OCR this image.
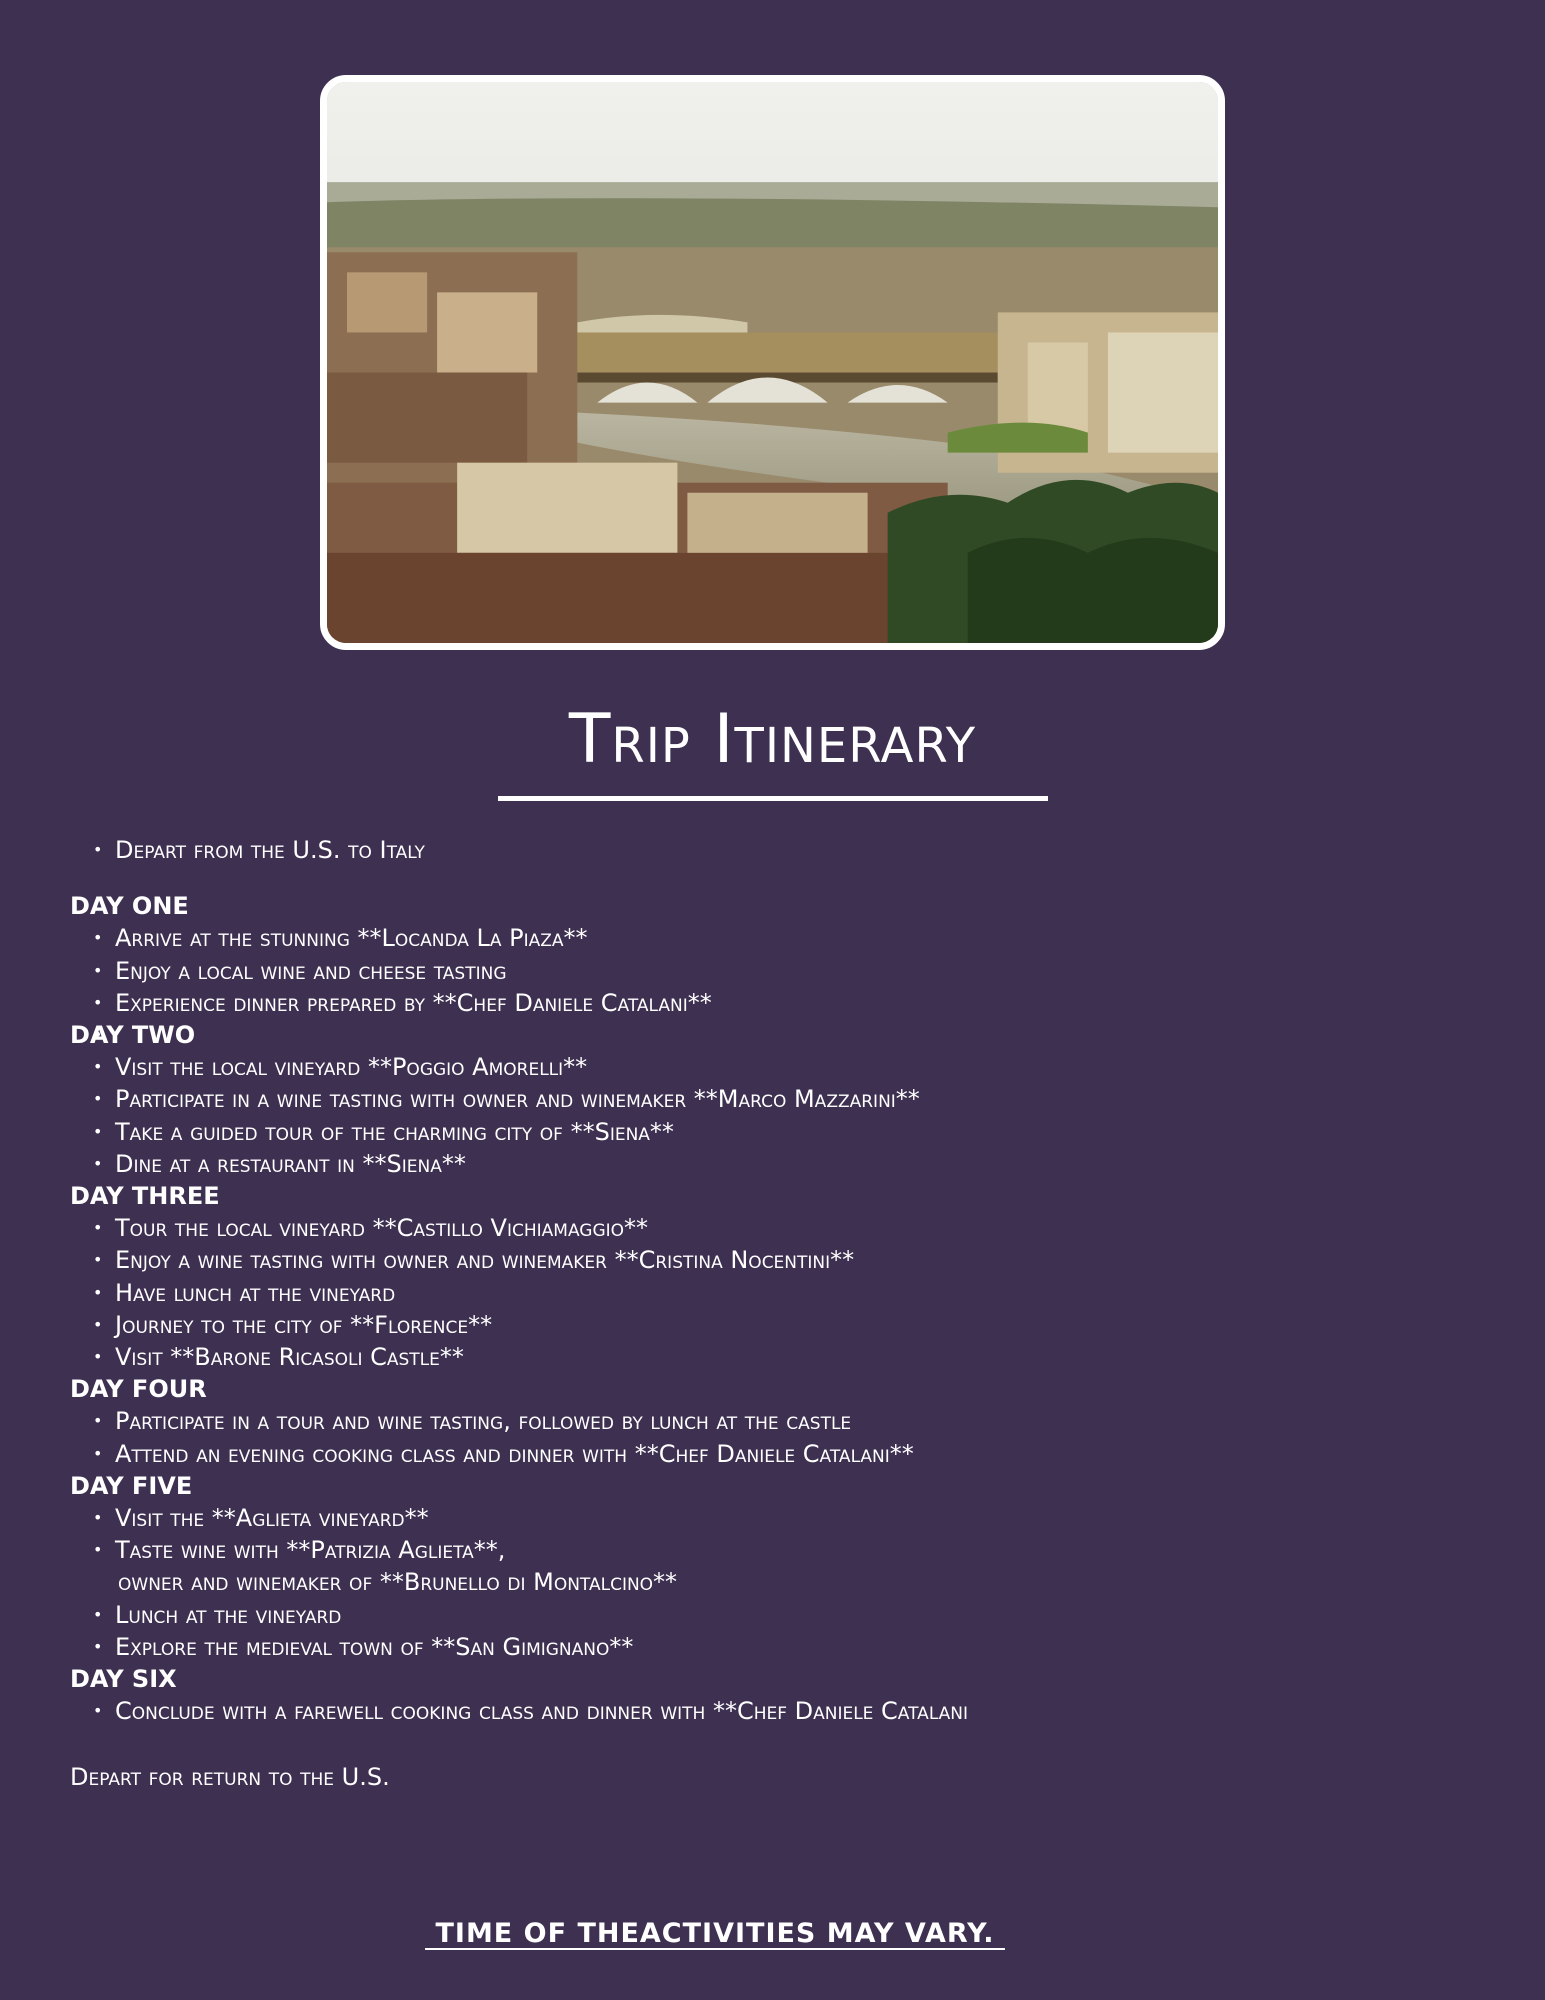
Trip Itinerary
• Depart from the U.S. to Italy
DAY ONE
• Arrive at the stunning **Locanda La Piaza**
• Enjoy a local wine and cheese tasting
• Experience dinner prepared by **Chef Daniele Catalani**
DAY TWO
• Visit the local vineyard **Poggio Amorelli**
• Participate in a wine tasting with owner and winemaker **Marco Mazzarini**
• Take a guided tour of the charming city of **Siena**
• Dine at a restaurant in **Siena**
DAY THREE
• Tour the local vineyard **Castillo Vichiamaggio**
• Enjoy a wine tasting with owner and winemaker **Cristina Nocentini**
• Have lunch at the vineyard
• Journey to the city of **Florence**
• Visit **Barone Ricasoli Castle**
DAY FOUR
• Participate in a tour and wine tasting, followed by lunch at the castle
• Attend an evening cooking class and dinner with **Chef Daniele Catalani**
DAY FIVE
• Visit the **Aglieta vineyard**
• Taste wine with **Patrizia Aglieta**,
owner and winemaker of **Brunello di Montalcino**
• Lunch at the vineyard
• Explore the medieval town of **San Gimignano**
DAY SIX
• Conclude with a farewell cooking class and dinner with **Chef Daniele Catalani
Depart for return to the U.S.
TIME OF THEACTIVITIES MAY VARY.
